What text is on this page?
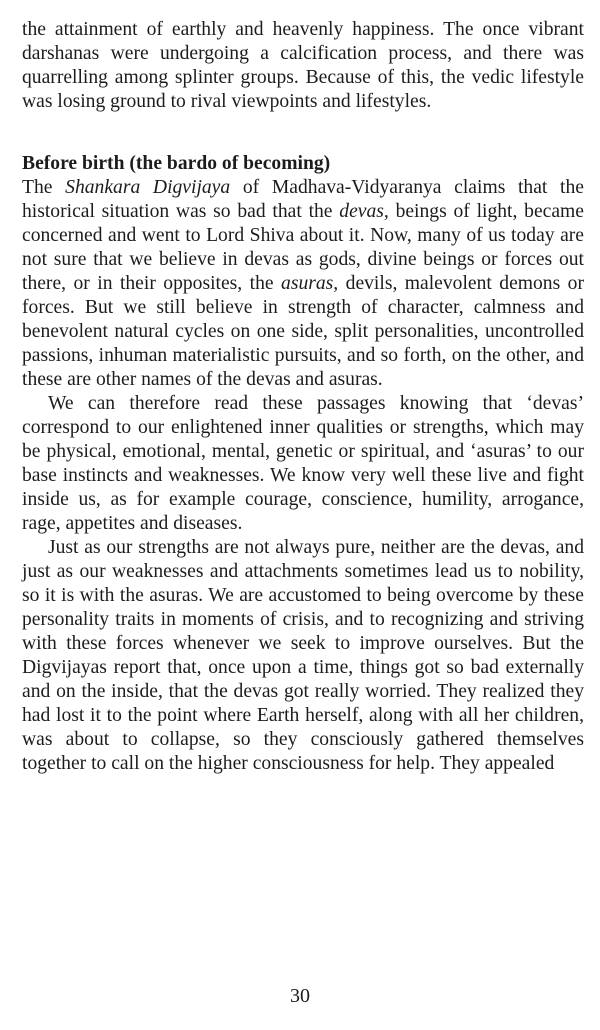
the attainment of earthly and heavenly happiness. The once vibrant darshanas were undergoing a calcification process, and there was quarrelling among splinter groups. Because of this, the vedic lifestyle was losing ground to rival viewpoints and lifestyles.

Before birth (the bardo of becoming)

The Shankara Digvijaya of Madhava-Vidyaranya claims that the historical situation was so bad that the devas, beings of light, became concerned and went to Lord Shiva about it. Now, many of us today are not sure that we believe in devas as gods, divine beings or forces out there, or in their opposites, the asuras, devils, malevolent demons or forces. But we still believe in strength of character, calmness and benevolent natural cycles on one side, split personalities, uncontrolled passions, inhuman materialistic pursuits, and so forth, on the other, and these are other names of the devas and asuras.

We can therefore read these passages knowing that ‘devas’ correspond to our enlightened inner qualities or strengths, which may be physical, emotional, mental, genetic or spiritual, and ‘asuras’ to our base instincts and weaknesses. We know very well these live and fight inside us, as for example courage, conscience, humility, arrogance, rage, appetites and diseases.

Just as our strengths are not always pure, neither are the devas, and just as our weaknesses and attachments sometimes lead us to nobility, so it is with the asuras. We are accustomed to being overcome by these personality traits in moments of crisis, and to recognizing and striving with these forces whenever we seek to improve ourselves. But the Digvijayas report that, once upon a time, things got so bad externally and on the inside, that the devas got really worried. They realized they had lost it to the point where Earth herself, along with all her children, was about to collapse, so they consciously gathered themselves together to call on the higher consciousness for help. They appealed

30
